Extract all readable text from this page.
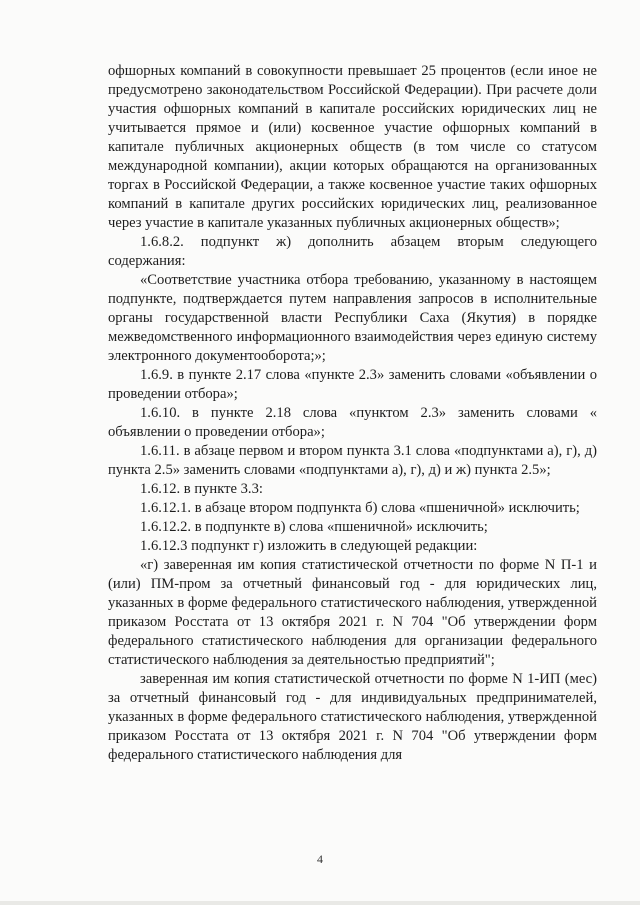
офшорных компаний в совокупности превышает 25 процентов (если иное не предусмотрено законодательством Российской Федерации). При расчете доли участия офшорных компаний в капитале российских юридических лиц не учитывается прямое и (или) косвенное участие офшорных компаний в капитале публичных акционерных обществ (в том числе со статусом международной компании), акции которых обращаются на организованных торгах в Российской Федерации, а также косвенное участие таких офшорных компаний в капитале других российских юридических лиц, реализованное через участие в капитале указанных публичных акционерных обществ»;

1.6.8.2. подпункт ж) дополнить абзацем вторым следующего содержания:

«Соответствие участника отбора требованию, указанному в настоящем подпункте, подтверждается путем направления запросов в исполнительные органы государственной власти Республики Саха (Якутия) в порядке межведомственного информационного взаимодействия через единую систему электронного документооборота;»;

1.6.9. в пункте 2.17 слова «пункте 2.3» заменить словами «объявлении о проведении отбора»;

1.6.10. в пункте 2.18 слова «пунктом 2.3» заменить словами « объявлении о проведении отбора»;

1.6.11. в абзаце первом и втором пункта 3.1 слова «подпунктами а), г), д) пункта 2.5» заменить словами «подпунктами а), г), д) и ж) пункта 2.5»;

1.6.12. в пункте 3.3:

1.6.12.1. в абзаце втором подпункта б) слова «пшеничной» исключить;

1.6.12.2. в подпункте в) слова «пшеничной» исключить;

1.6.12.3 подпункт г) изложить в следующей редакции:

«г) заверенная им копия статистической отчетности по форме N П-1 и (или) ПМ-пром за отчетный финансовый год - для юридических лиц, указанных в форме федерального статистического наблюдения, утвержденной приказом Росстата от 13 октября 2021 г. N 704 "Об утверждении форм федерального статистического наблюдения для организации федерального статистического наблюдения за деятельностью предприятий";

заверенная им копия статистической отчетности по форме N 1-ИП (мес) за отчетный финансовый год - для индивидуальных предпринимателей, указанных в форме федерального статистического наблюдения, утвержденной приказом Росстата от 13 октября 2021 г. N 704 "Об утверждении форм федерального статистического наблюдения для

4
